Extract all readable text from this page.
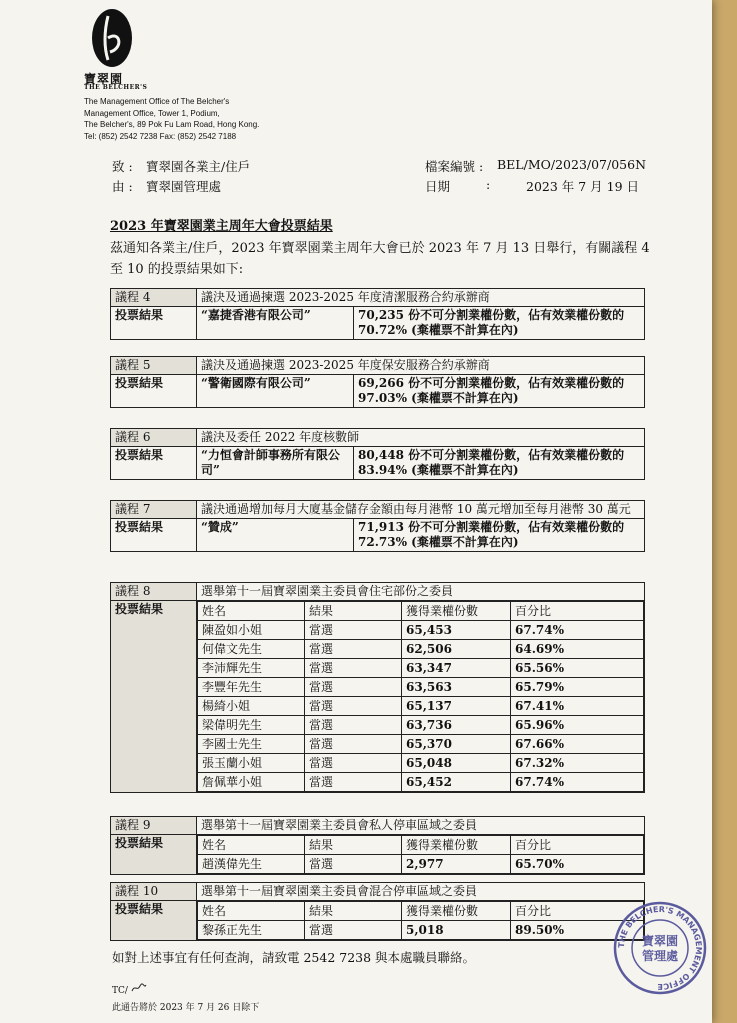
寶翠園
THE BELCHER'S
The Management Office of The Belcher's
Management Office, Tower 1, Podium,
The Belcher's, 89 Pok Fu Lam Road, Hong Kong.
Tel: (852) 2542 7238 Fax: (852) 2542 7188
致 : 寶翠園各業主/住戶
由 : 寶翠園管理處
檔案編號 : BEL/MO/2023/07/056N
日期	:	2023 年 7 月 19 日
2023 年寶翠園業主周年大會投票結果
茲通知各業主/住戶，2023 年寶翠園業主周年大會已於 2023 年 7 月 13 日舉行，有關議程 4 至 10 的投票結果如下:
議程 4	議決及通過揀選 2023-2025 年度清潔服務合約承辦商	
投票結果	“嘉捷香港有限公司”	70,235 份不可分割業權份數，佔有效業權份數的 70.72% (棄權票不計算在內)
議程 5	議決及通過揀選 2023-2025 年度保安服務合約承辦商	
投票結果	“警衛國際有限公司”	69,266 份不可分割業權份數，佔有效業權份數的 97.03% (棄權票不計算在內)
議程 6	議決及委任 2022 年度核數師	
投票結果	“力恒會計師事務所有限公司”	80,448 份不可分割業權份數，佔有效業權份數的 83.94% (棄權票不計算在內)
議程 7	議決通過增加每月大廈基金儲存金額由每月港幣 10 萬元增加至每月港幣 30 萬元	
投票結果	“贊成”	71,913 份不可分割業權份數，佔有效業權份數的 72.73% (棄權票不計算在內)
議程 8	選舉第十一屆寶翠園業主委員會住宅部份之委員
投票結果		姓名	結果	獲得業權份數	百分比
陳盈如小姐	當選	65,453	67.74%
何偉文先生	當選	62,506	64.69%
李沛輝先生	當選	63,347	65.56%
李豐年先生	當選	63,563	65.79%
楊綺小姐	當選	65,137	67.41%
梁偉明先生	當選	63,736	65.96%
李國士先生	當選	65,370	67.66%
張玉蘭小姐	當選	65,048	67.32%
詹佩華小姐	當選	65,452	67.74%
議程 9	選舉第十一屆寶翠園業主委員會私人停車區域之委員
投票結果		姓名	結果	獲得業權份數	百分比
趙漢偉先生	當選	2,977	65.70%
議程 10	選舉第十一屆寶翠園業主委員會混合停車區域之委員
投票結果		姓名	結果	獲得業權份數	百分比
黎孫正先生	當選	5,018	89.50%
THE BELCHER'S MANAGEMENT OFFICE
寶翠園
管理處
如對上述事宜有任何查詢，請致電 2542 7238 與本處職員聯絡。
TC/
此通告將於 2023 年 7 月 26 日除下
